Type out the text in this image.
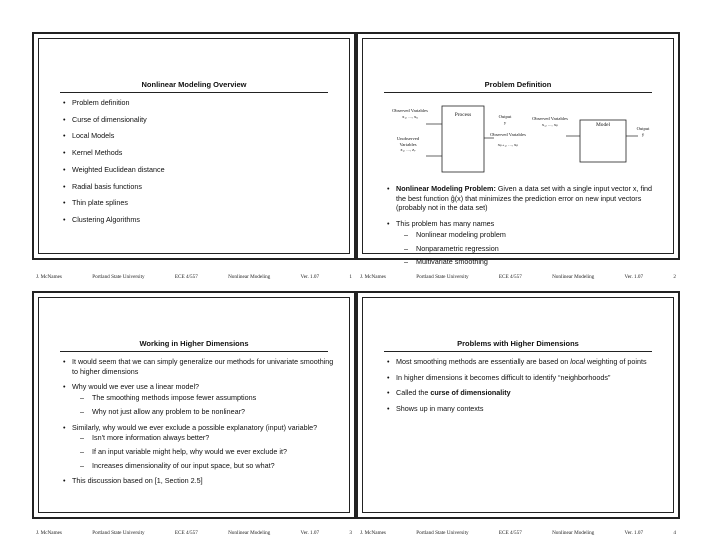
Nonlinear Modeling Overview
• Problem definition
• Curse of dimensionality
• Local Models
• Kernel Methods
• Weighted Euclidean distance
• Radial basis functions
• Thin plate splines
• Clustering Algorithms
J. McNames	Portland State University	ECE 4/557	Nonlinear Modeling	Ver. 1.07	1
Problem Definition
Observed Variables
x₁, ..., xᵤ
Unobserved Variables
z₁, ..., zᵥ
Process	Output
y
Observed Variables
xₚ₊₁, ..., xₚ
Observed Variables
x₁, ..., xₚ	Model
Output
ŷ
• Nonlinear Modeling Problem: Given a data set with a single input vector x, find the best function ĝ(x) that minimizes the prediction error on new input vectors (probably not in the data set)
• This problem has many names
– Nonlinear modeling problem
– Nonparametric regression
– Multivariate smoothing
J. McNames	Portland State University	ECE 4/557	Nonlinear Modeling	Ver. 1.07	2
Working in Higher Dimensions
• It would seem that we can simply generalize our methods for univariate smoothing to higher dimensions
• Why would we ever use a linear model?
– The smoothing methods impose fewer assumptions
– Why not just allow any problem to be nonlinear?
• Similarly, why would we ever exclude a possible explanatory (input) variable?
– Isn't more information always better?
– If an input variable might help, why would we ever exclude it?
– Increases dimensionality of our input space, but so what?
• This discussion based on [1, Section 2.5]
J. McNames	Portland State University	ECE 4/557	Nonlinear Modeling	Ver. 1.07	3
Problems with Higher Dimensions
• Most smoothing methods are essentially are based on local weighting of points
• In higher dimensions it becomes difficult to identify “neighborhoods”
• Called the curse of dimensionality
• Shows up in many contexts
J. McNames	Portland State University	ECE 4/557	Nonlinear Modeling	Ver. 1.07	4
